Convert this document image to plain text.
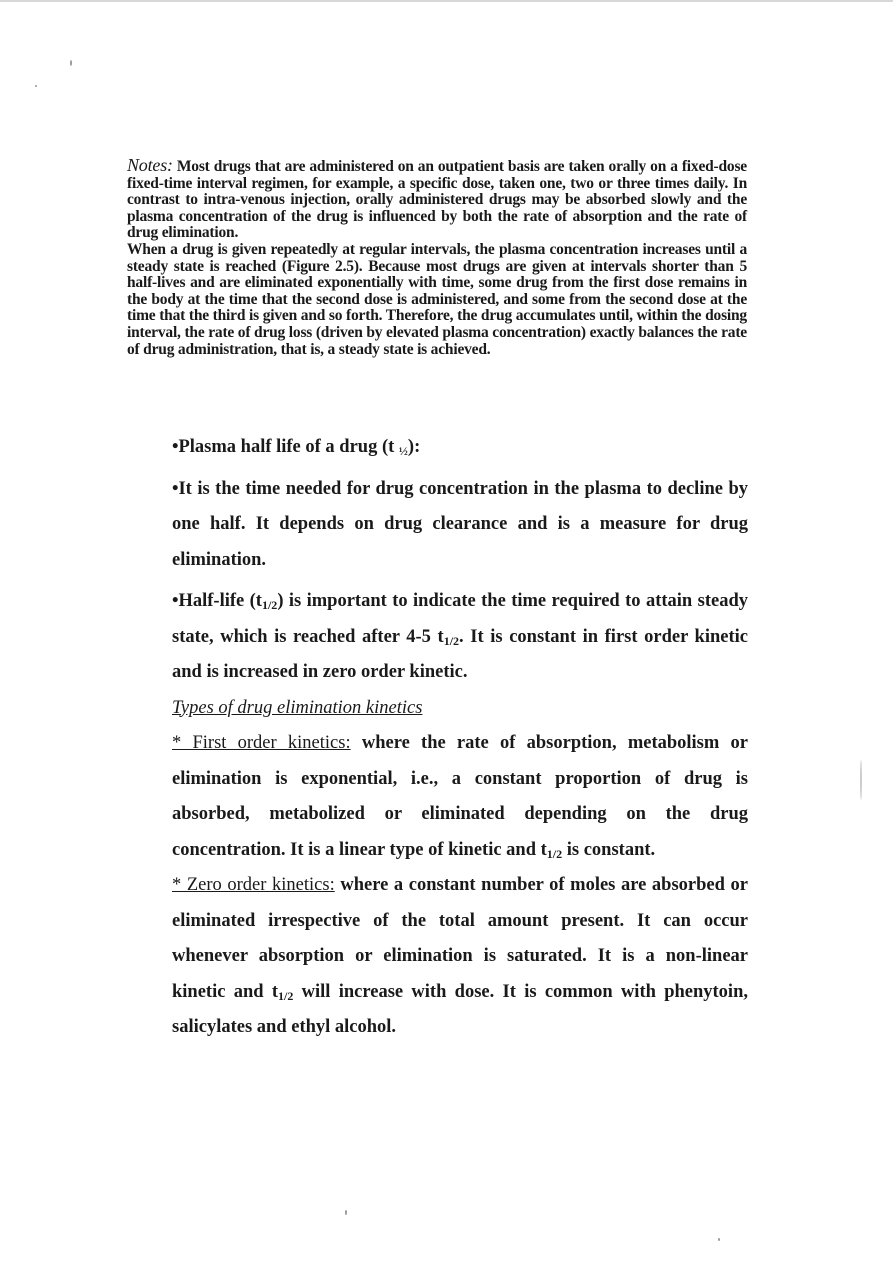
Notes: Most drugs that are administered on an outpatient basis are taken orally on a fixed-dose fixed-time interval regimen, for example, a specific dose, taken one, two or three times daily. In contrast to intra-venous injection, orally administered drugs may be absorbed slowly and the plasma concentration of the drug is influenced by both the rate of absorption and the rate of drug elimination.

When a drug is given repeatedly at regular intervals, the plasma concentration increases until a steady state is reached (Figure 2.5). Because most drugs are given at intervals shorter than 5 half-lives and are eliminated exponentially with time, some drug from the first dose remains in the body at the time that the second dose is administered, and some from the second dose at the time that the third is given and so forth. Therefore, the drug accumulates until, within the dosing interval, the rate of drug loss (driven by elevated plasma concentration) exactly balances the rate of drug administration, that is, a steady state is achieved.

•Plasma half life of a drug (t $_{\frac{1}{2}}$):

•It is the time needed for drug concentration in the plasma to decline by one half. It depends on drug clearance and is a measure for drug elimination.

•Half-life $(t_{1/2})$ is important to indicate the time required to attain steady state, which is reached after 4-5 $t_{1/2}$. It is constant in first order kinetic and is increased in zero order kinetic.

Types of drug elimination kinetics

* First order kinetics: where the rate of absorption, metabolism or elimination is exponential, i.e., a constant proportion of drug is absorbed, metabolized or eliminated depending on the drug concentration. It is a linear type of kinetic and $t_{1/2}$ is constant.

* Zero order kinetics: where a constant number of moles are absorbed or eliminated irrespective of the total amount present. It can occur whenever absorption or elimination is saturated. It is a non-linear kinetic and $t_{1/2}$ will increase with dose. It is common with phenytoin, salicylates and ethyl alcohol.
